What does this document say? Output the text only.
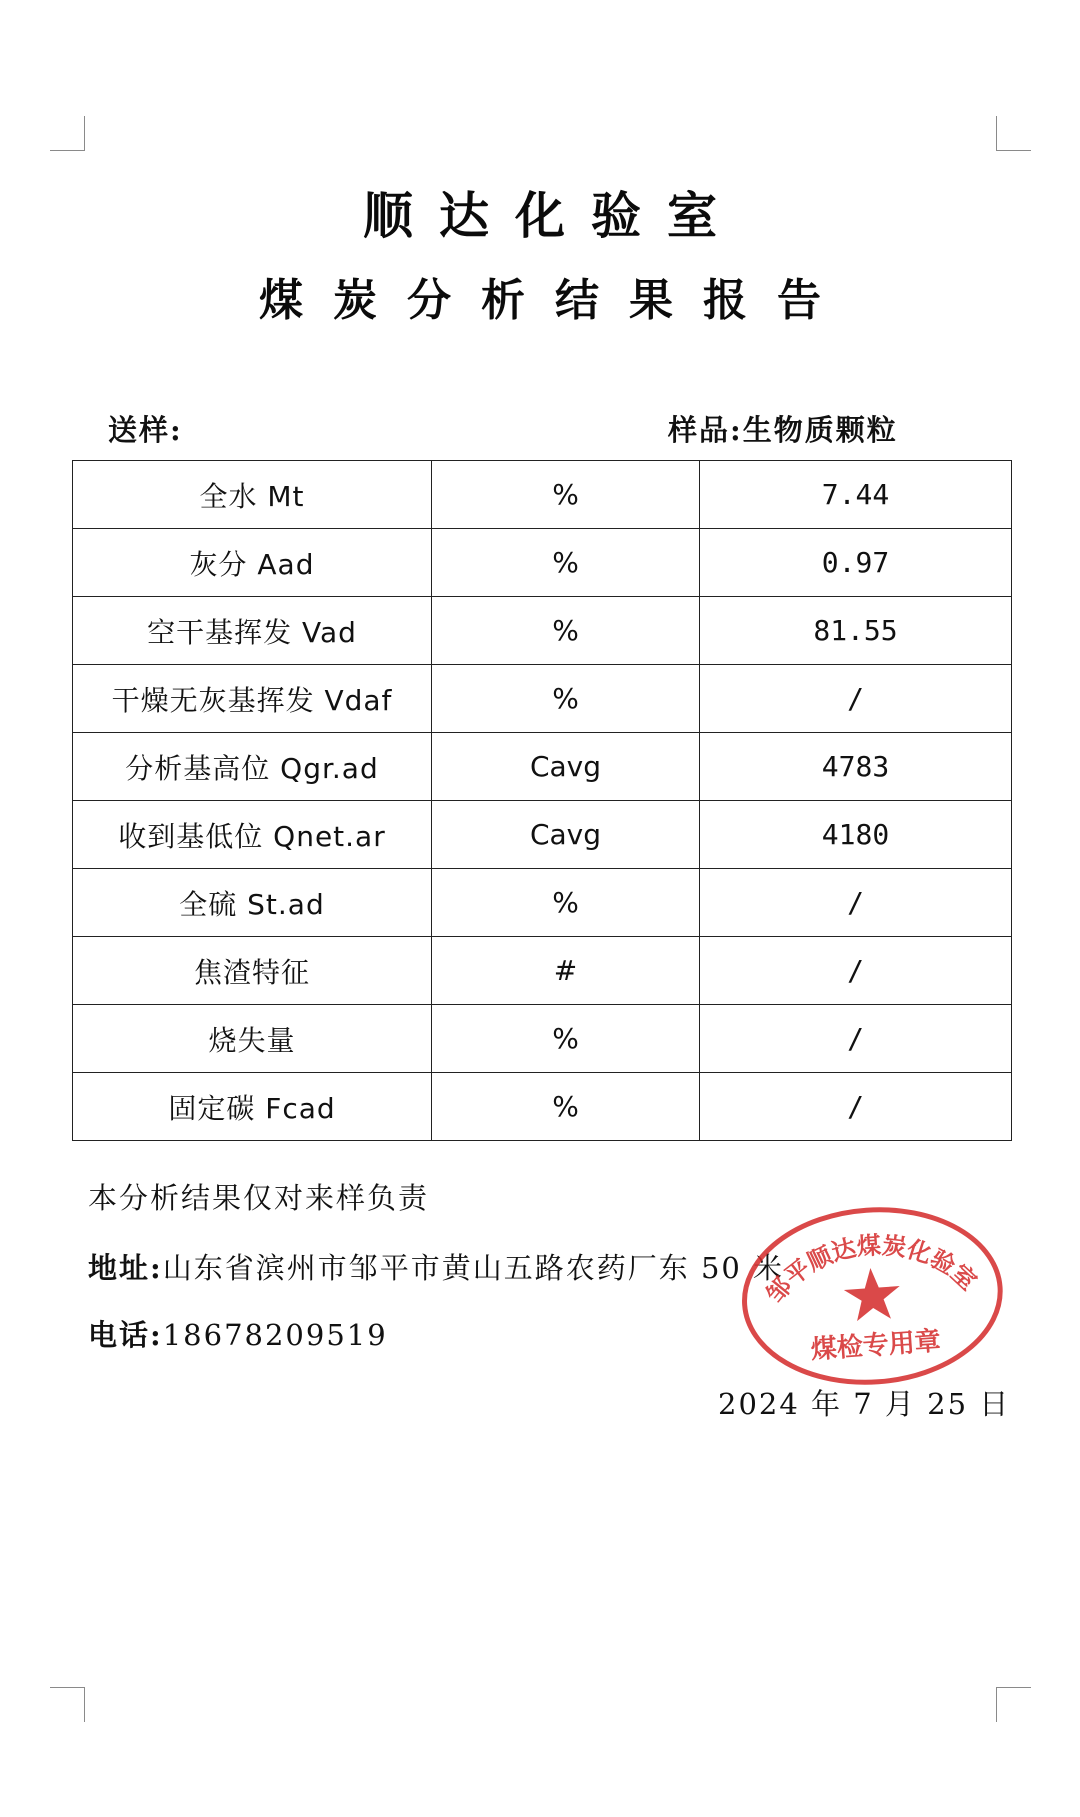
顺达化验室
煤炭分析结果报告
送样:	样品:生物质颗粒
全水 Mt	%	7.44
灰分 Aad	%	0.97
空干基挥发 Vad	%	81.55
干燥无灰基挥发 Vdaf	%	/
分析基高位 Qgr.ad	Cavg	4783
收到基低位 Qnet.ar	Cavg	4180
全硫 St.ad	%	/
焦渣特征	#	/
烧失量	%	/
固定碳 Fcad	%	/
本分析结果仅对来样负责
地址:山东省滨州市邹平市黄山五路农药厂东 50 米
电话:18678209519
2024 年 7 月 25 日
邹平顺达煤炭化验室
煤检专用章
